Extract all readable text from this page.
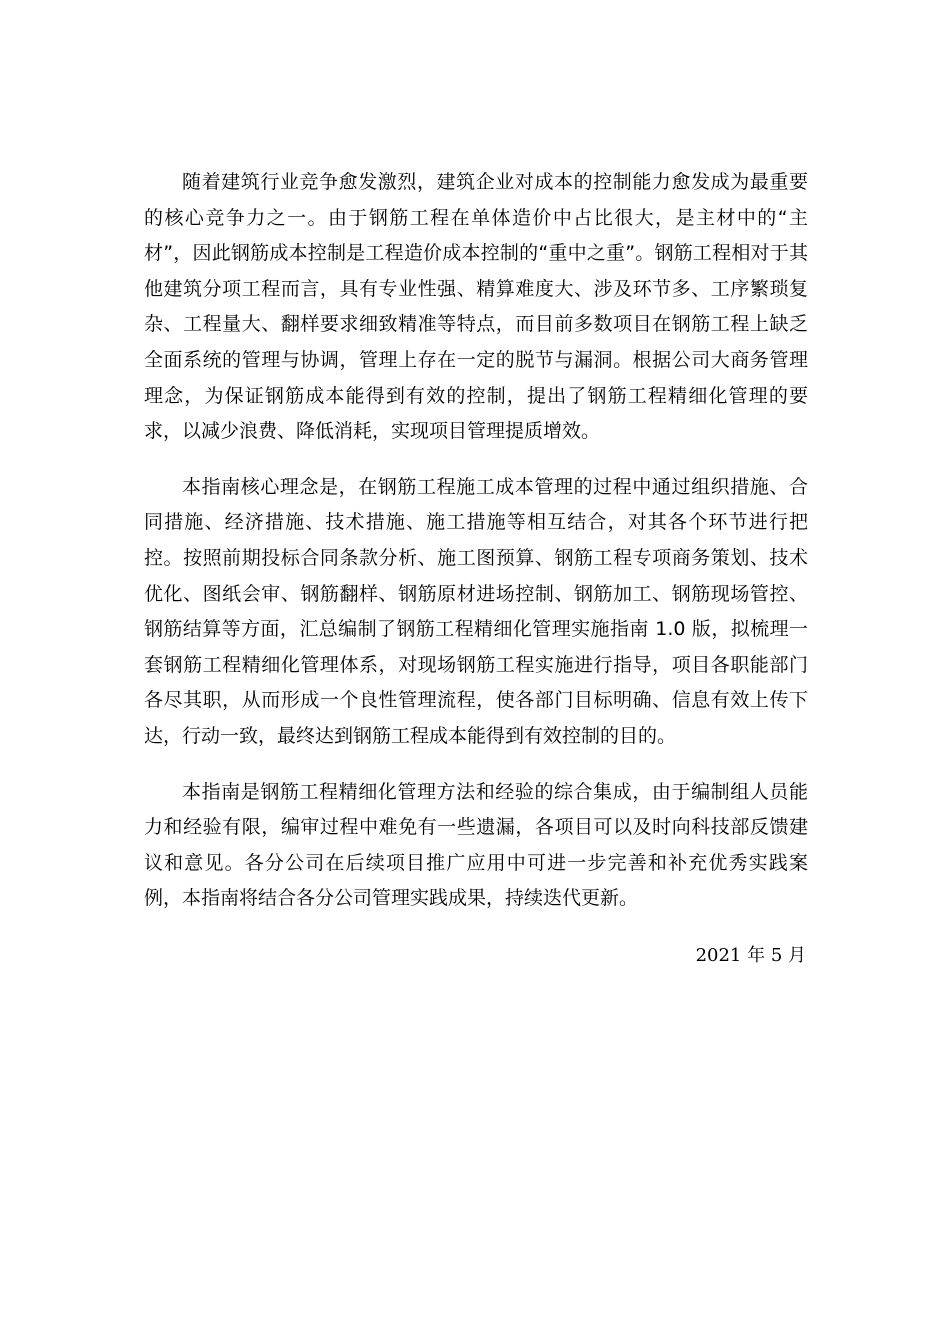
随着建筑行业竞争愈发激烈，建筑企业对成本的控制能力愈发成为最重要的核心竞争力之一。由于钢筋工程在单体造价中占比很大，是主材中的“主材”，因此钢筋成本控制是工程造价成本控制的“重中之重”。钢筋工程相对于其他建筑分项工程而言，具有专业性强、精算难度大、涉及环节多、工序繁琐复杂、工程量大、翻样要求细致精准等特点，而目前多数项目在钢筋工程上缺乏全面系统的管理与协调，管理上存在一定的脱节与漏洞。根据公司大商务管理理念，为保证钢筋成本能得到有效的控制，提出了钢筋工程精细化管理的要求，以减少浪费、降低消耗，实现项目管理提质增效。

本指南核心理念是，在钢筋工程施工成本管理的过程中通过组织措施、合同措施、经济措施、技术措施、施工措施等相互结合，对其各个环节进行把控。按照前期投标合同条款分析、施工图预算、钢筋工程专项商务策划、技术优化、图纸会审、钢筋翻样、钢筋原材进场控制、钢筋加工、钢筋现场管控、钢筋结算等方面，汇总编制了钢筋工程精细化管理实施指南 1.0 版，拟梳理一套钢筋工程精细化管理体系，对现场钢筋工程实施进行指导，项目各职能部门各尽其职，从而形成一个良性管理流程，使各部门目标明确、信息有效上传下达，行动一致，最终达到钢筋工程成本能得到有效控制的目的。

本指南是钢筋工程精细化管理方法和经验的综合集成，由于编制组人员能力和经验有限，编审过程中难免有一些遗漏，各项目可以及时向科技部反馈建议和意见。各分公司在后续项目推广应用中可进一步完善和补充优秀实践案例，本指南将结合各分公司管理实践成果，持续迭代更新。

2021 年 5 月
